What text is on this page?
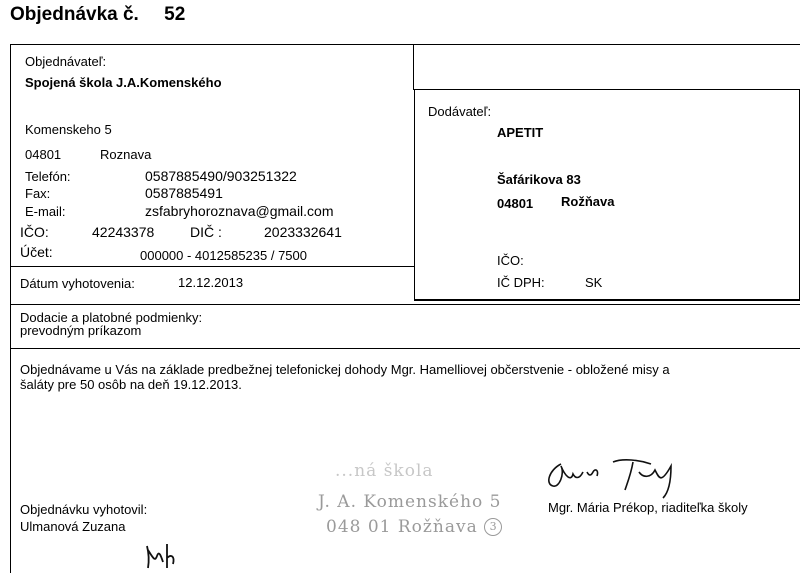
Objednávka č. 52
Objednávateľ:
Spojená škola J.A.Komenského
Komenskeho 5
04801	Roznava
Telefón:	0587885490/903251322
Fax:	0587885491
E-mail:	zsfabryhoroznava@gmail.com
IČO:	42243378	DIČ :	2023332641
Účet:	000000 - 4012585235 / 7500
Dátum vyhotovenia:	12.12.2013
Dodávateľ:
APETIT
Šafárikova 83
04801 Rožňava
IČO:
IČ DPH:	SK
Dodacie a platobné podmienky:
prevodným príkazom
Objednávame u Vás na základe predbežnej telefonickej dohody Mgr. Hamelliovej občerstvenie - obložené misy a
šaláty pre 50 osôb na deň 19.12.2013.
...ná škola
J. A. Komenského 5
048 01 Rožňava 3
Mgr. Mária Prékop, riaditeľka školy
Objednávku vyhotovil:
Ulmanová Zuzana
